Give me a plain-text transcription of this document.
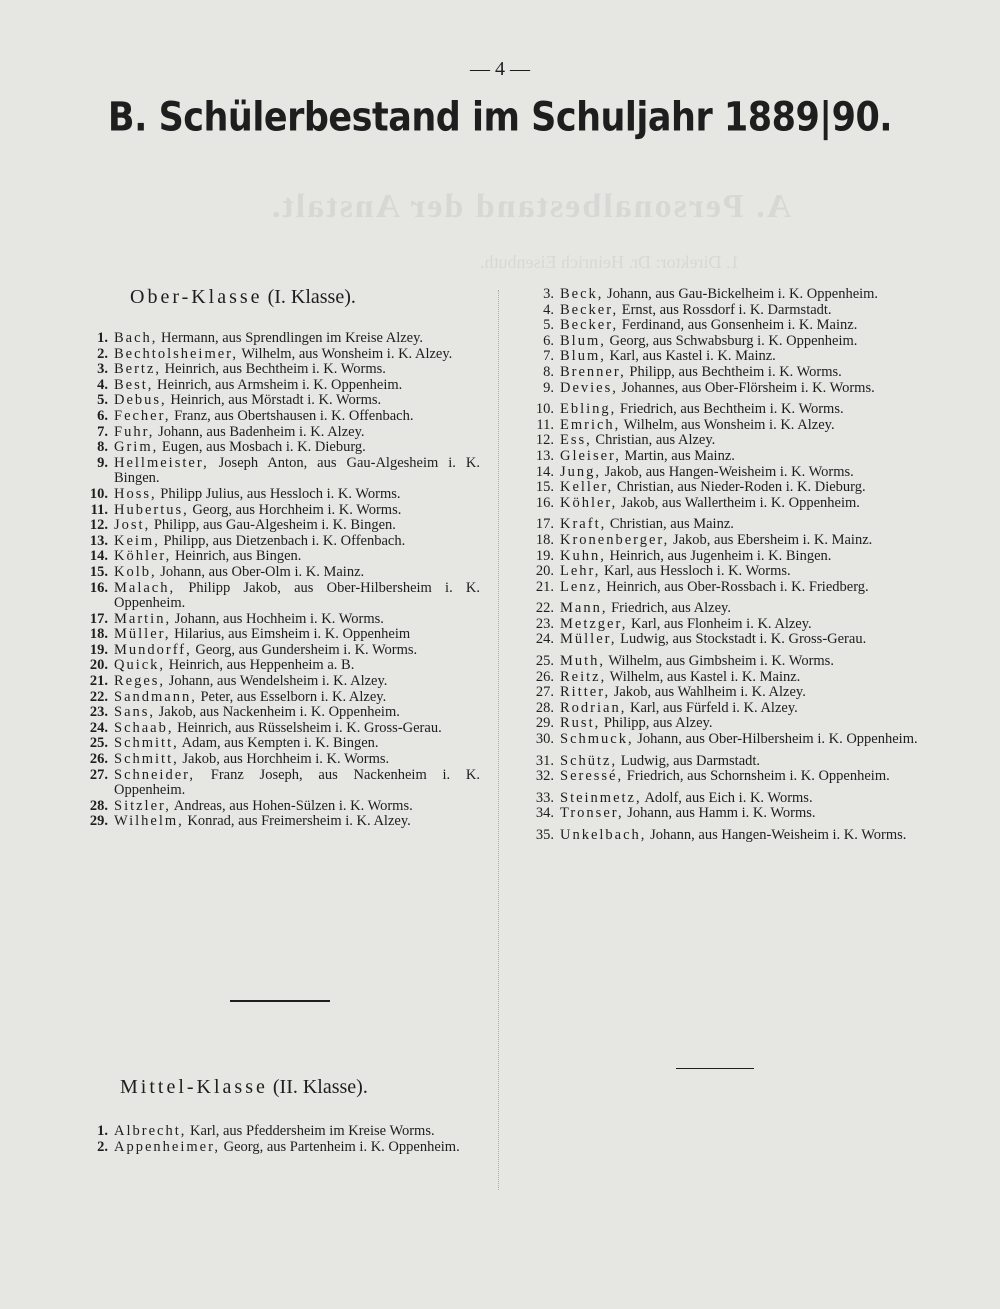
A. Personalbestand der Anstalt.
1. Direktor: Dr. Heinrich Eisenbuth.
— 4 —
B. Schülerbestand im Schuljahr 1889|90.
Ober-Klasse (I. Klasse).
1. Bach, Hermann, aus Sprendlingen im Kreise Alzey.
2. Bechtolsheimer, Wilhelm, aus Wonsheim i. K. Alzey.
3. Bertz, Heinrich, aus Bechtheim i. K. Worms.
4. Best, Heinrich, aus Armsheim i. K. Oppenheim.
5. Debus, Heinrich, aus Mörstadt i. K. Worms.
6. Fecher, Franz, aus Obertshausen i. K. Offenbach.
7. Fuhr, Johann, aus Badenheim i. K. Alzey.
8. Grim, Eugen, aus Mosbach i. K. Dieburg.
9. Hellmeister, Joseph Anton, aus Gau-Algesheim i. K. Bingen.
10. Hoss, Philipp Julius, aus Hessloch i. K. Worms.
11. Hubertus, Georg, aus Horchheim i. K. Worms.
12. Jost, Philipp, aus Gau-Algesheim i. K. Bingen.
13. Keim, Philipp, aus Dietzenbach i. K. Offenbach.
14. Köhler, Heinrich, aus Bingen.
15. Kolb, Johann, aus Ober-Olm i. K. Mainz.
16. Malach, Philipp Jakob, aus Ober-Hilbersheim i. K. Oppenheim.
17. Martin, Johann, aus Hochheim i. K. Worms.
18. Müller, Hilarius, aus Eimsheim i. K. Oppenheim
19. Mundorff, Georg, aus Gundersheim i. K. Worms.
20. Quick, Heinrich, aus Heppenheim a. B.
21. Reges, Johann, aus Wendelsheim i. K. Alzey.
22. Sandmann, Peter, aus Esselborn i. K. Alzey.
23. Sans, Jakob, aus Nackenheim i. K. Oppenheim.
24. Schaab, Heinrich, aus Rüsselsheim i. K. Gross-Gerau.
25. Schmitt, Adam, aus Kempten i. K. Bingen.
26. Schmitt, Jakob, aus Horchheim i. K. Worms.
27. Schneider, Franz Joseph, aus Nackenheim i. K. Oppenheim.
28. Sitzler, Andreas, aus Hohen-Sülzen i. K. Worms.
29. Wilhelm, Konrad, aus Freimersheim i. K. Alzey.
3. Beck, Johann, aus Gau-Bickelheim i. K. Oppenheim.
4. Becker, Ernst, aus Rossdorf i. K. Darmstadt.
5. Becker, Ferdinand, aus Gonsenheim i. K. Mainz.
6. Blum, Georg, aus Schwabsburg i. K. Oppenheim.
7. Blum, Karl, aus Kastel i. K. Mainz.
8. Brenner, Philipp, aus Bechtheim i. K. Worms.
9. Devies, Johannes, aus Ober-Flörsheim i. K. Worms.
10. Ebling, Friedrich, aus Bechtheim i. K. Worms.
11. Emrich, Wilhelm, aus Wonsheim i. K. Alzey.
12. Ess, Christian, aus Alzey.
13. Gleiser, Martin, aus Mainz.
14. Jung, Jakob, aus Hangen-Weisheim i. K. Worms.
15. Keller, Christian, aus Nieder-Roden i. K. Dieburg.
16. Köhler, Jakob, aus Wallertheim i. K. Oppenheim.
17. Kraft, Christian, aus Mainz.
18. Kronenberger, Jakob, aus Ebersheim i. K. Mainz.
19. Kuhn, Heinrich, aus Jugenheim i. K. Bingen.
20. Lehr, Karl, aus Hessloch i. K. Worms.
21. Lenz, Heinrich, aus Ober-Rossbach i. K. Friedberg.
22. Mann, Friedrich, aus Alzey.
23. Metzger, Karl, aus Flonheim i. K. Alzey.
24. Müller, Ludwig, aus Stockstadt i. K. Gross-Gerau.
25. Muth, Wilhelm, aus Gimbsheim i. K. Worms.
26. Reitz, Wilhelm, aus Kastel i. K. Mainz.
27. Ritter, Jakob, aus Wahlheim i. K. Alzey.
28. Rodrian, Karl, aus Fürfeld i. K. Alzey.
29. Rust, Philipp, aus Alzey.
30. Schmuck, Johann, aus Ober-Hilbersheim i. K. Oppenheim.
31. Schütz, Ludwig, aus Darmstadt.
32. Seressé, Friedrich, aus Schornsheim i. K. Oppenheim.
33. Steinmetz, Adolf, aus Eich i. K. Worms.
34. Tronser, Johann, aus Hamm i. K. Worms.
35. Unkelbach, Johann, aus Hangen-Weisheim i. K. Worms.
Mittel-Klasse (II. Klasse).
1. Albrecht, Karl, aus Pfeddersheim im Kreise Worms.
2. Appenheimer, Georg, aus Partenheim i. K. Oppenheim.
